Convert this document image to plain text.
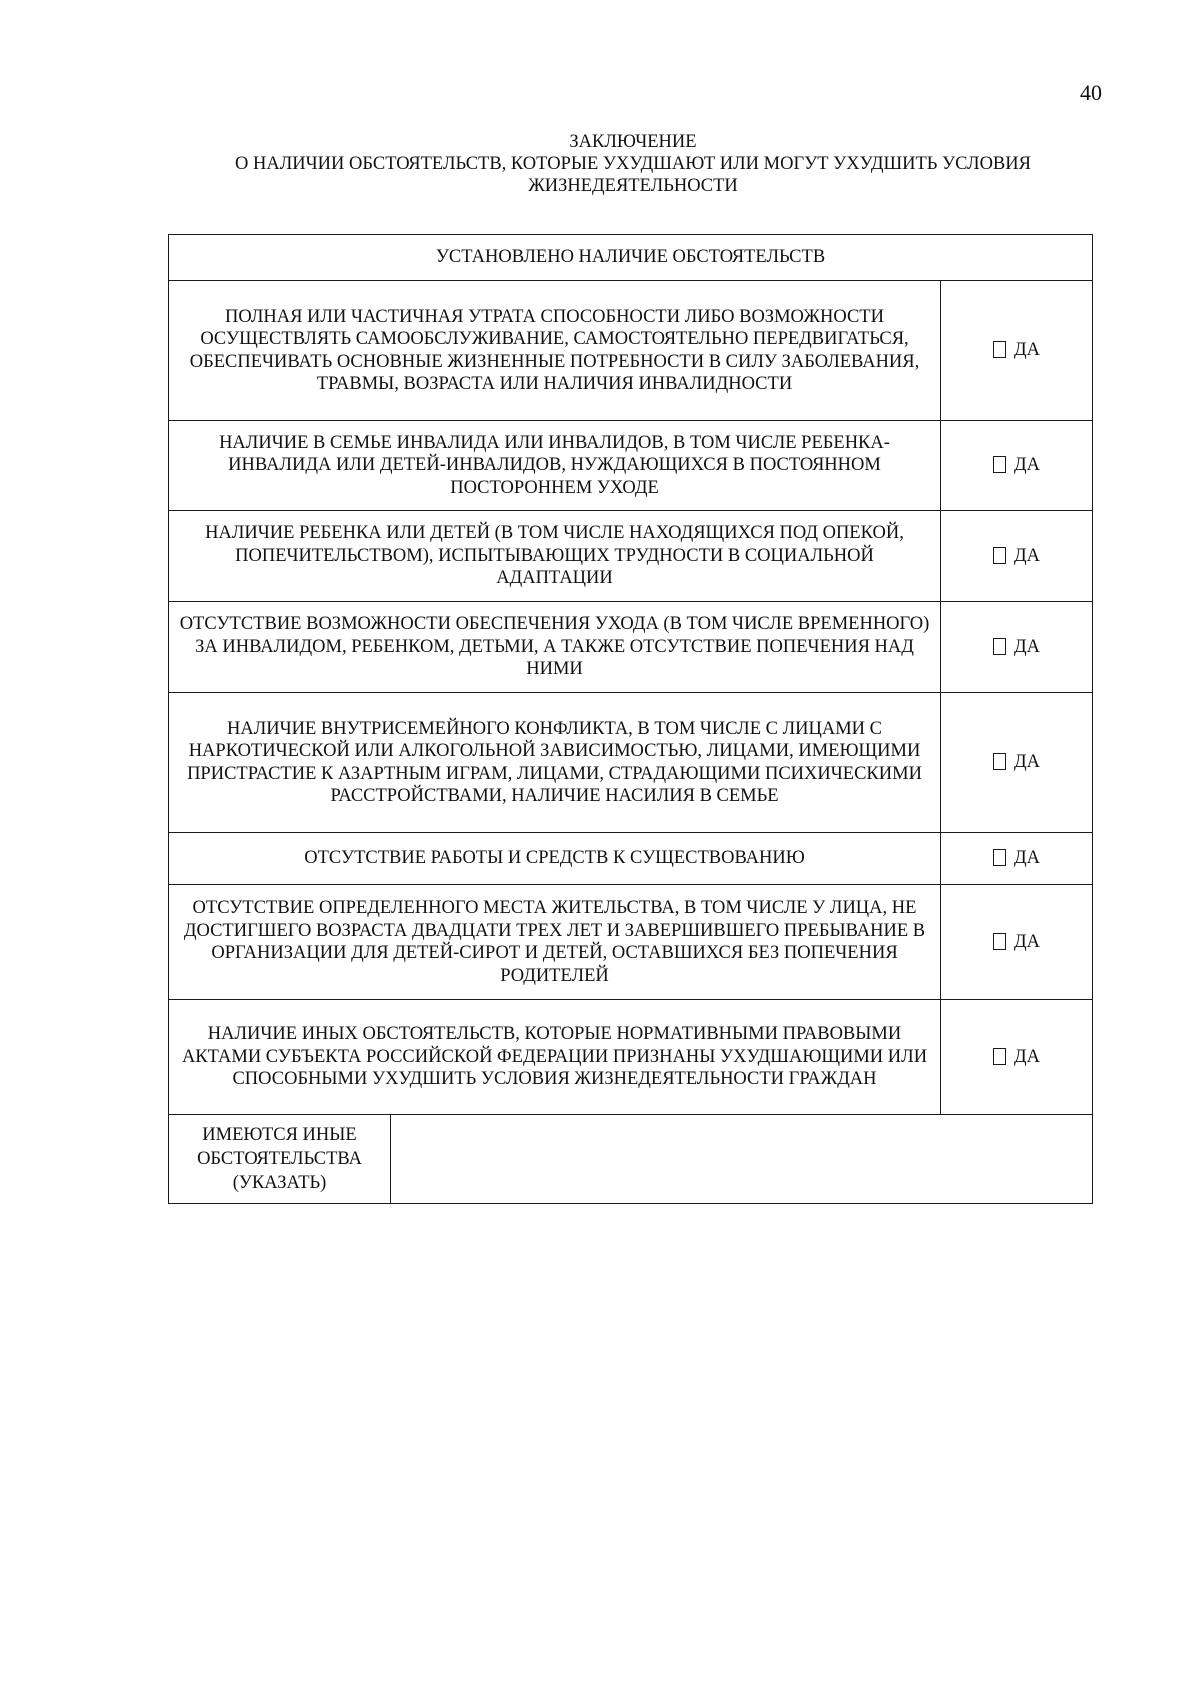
40
ЗАКЛЮЧЕНИЕ
О НАЛИЧИИ ОБСТОЯТЕЛЬСТВ, КОТОРЫЕ УХУДШАЮТ ИЛИ МОГУТ УХУДШИТЬ УСЛОВИЯ
ЖИЗНЕДЕЯТЕЛЬНОСТИ
УСТАНОВЛЕНО НАЛИЧИЕ ОБСТОЯТЕЛЬСТВ		

ПОЛНАЯ ИЛИ ЧАСТИЧНАЯ УТРАТА СПОСОБНОСТИ ЛИБО ВОЗМОЖНОСТИ ОСУЩЕСТВЛЯТЬ САМООБСЛУЖИВАНИЕ, САМОСТОЯТЕЛЬНО ПЕРЕДВИГАТЬСЯ, ОБЕСПЕЧИВАТЬ ОСНОВНЫЕ ЖИЗНЕННЫЕ ПОТРЕБНОСТИ В СИЛУ ЗАБОЛЕВАНИЯ, ТРАВМЫ, ВОЗРАСТА ИЛИ НАЛИЧИЯ ИНВАЛИДНОСТИ		ДА

НАЛИЧИЕ В СЕМЬЕ ИНВАЛИДА ИЛИ ИНВАЛИДОВ, В ТОМ ЧИСЛЕ РЕБЕНКА-ИНВАЛИДА ИЛИ ДЕТЕЙ-ИНВАЛИДОВ, НУЖДАЮЩИХСЯ В ПОСТОЯННОМ ПОСТОРОННЕМ УХОДЕ		ДА

НАЛИЧИЕ РЕБЕНКА ИЛИ ДЕТЕЙ (В ТОМ ЧИСЛЕ НАХОДЯЩИХСЯ ПОД ОПЕКОЙ, ПОПЕЧИТЕЛЬСТВОМ), ИСПЫТЫВАЮЩИХ ТРУДНОСТИ В СОЦИАЛЬНОЙ АДАПТАЦИИ		ДА

ОТСУТСТВИЕ ВОЗМОЖНОСТИ ОБЕСПЕЧЕНИЯ УХОДА (В ТОМ ЧИСЛЕ ВРЕМЕННОГО) ЗА ИНВАЛИДОМ, РЕБЕНКОМ, ДЕТЬМИ, А ТАКЖЕ ОТСУТСТВИЕ ПОПЕЧЕНИЯ НАД НИМИ		ДА

НАЛИЧИЕ ВНУТРИСЕМЕЙНОГО КОНФЛИКТА, В ТОМ ЧИСЛЕ С ЛИЦАМИ С НАРКОТИЧЕСКОЙ ИЛИ АЛКОГОЛЬНОЙ ЗАВИСИМОСТЬЮ, ЛИЦАМИ, ИМЕЮЩИМИ ПРИСТРАСТИЕ К АЗАРТНЫМ ИГРАМ, ЛИЦАМИ, СТРАДАЮЩИМИ ПСИХИЧЕСКИМИ РАССТРОЙСТВАМИ, НАЛИЧИЕ НАСИЛИЯ В СЕМЬЕ		ДА

ОТСУТСТВИЕ РАБОТЫ И СРЕДСТВ К СУЩЕСТВОВАНИЮ		ДА

ОТСУТСТВИЕ ОПРЕДЕЛЕННОГО МЕСТА ЖИТЕЛЬСТВА, В ТОМ ЧИСЛЕ У ЛИЦА, НЕ ДОСТИГШЕГО ВОЗРАСТА ДВАДЦАТИ ТРЕХ ЛЕТ И ЗАВЕРШИВШЕГО ПРЕБЫВАНИЕ В ОРГАНИЗАЦИИ ДЛЯ ДЕТЕЙ-СИРОТ И ДЕТЕЙ, ОСТАВШИХСЯ БЕЗ ПОПЕЧЕНИЯ РОДИТЕЛЕЙ		ДА

НАЛИЧИЕ ИНЫХ ОБСТОЯТЕЛЬСТВ, КОТОРЫЕ НОРМАТИВНЫМИ ПРАВОВЫМИ АКТАМИ СУБЪЕКТА РОССИЙСКОЙ ФЕДЕРАЦИИ ПРИЗНАНЫ УХУДШАЮЩИМИ ИЛИ СПОСОБНЫМИ УХУДШИТЬ УСЛОВИЯ ЖИЗНЕДЕЯТЕЛЬНОСТИ ГРАЖДАН		ДА

ИМЕЮТСЯ ИНЫЕ
ОБСТОЯТЕЛЬСТВА
(УКАЗАТЬ)		
